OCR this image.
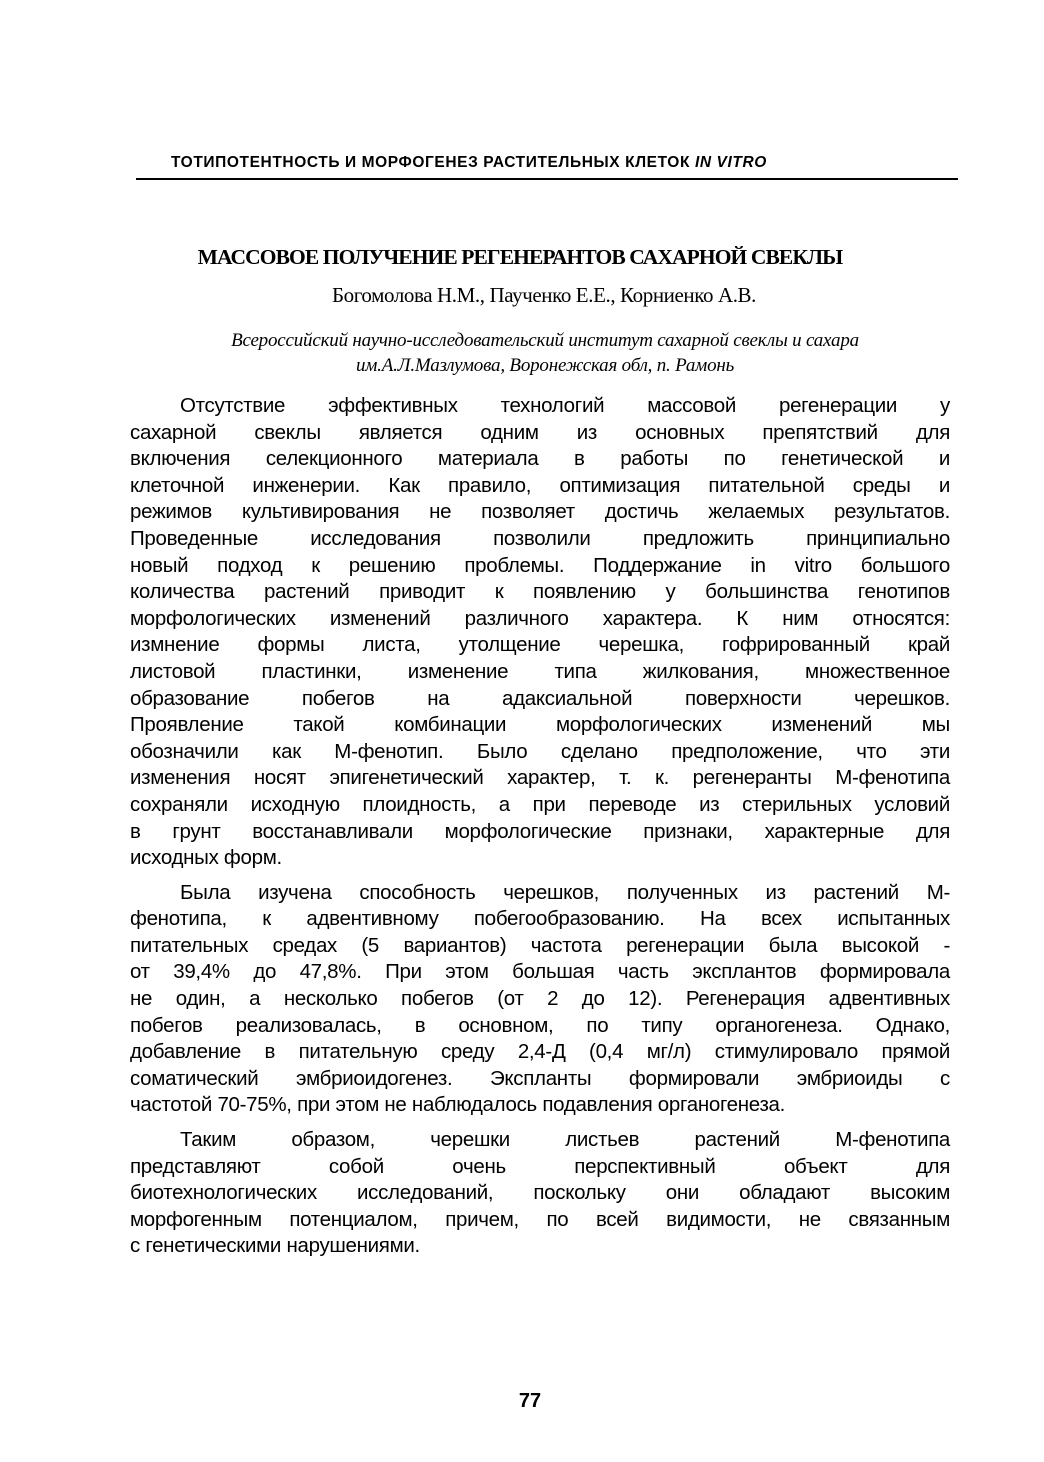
ТОТИПОТЕНТНОСТЬ И МОРФОГЕНЕЗ РАСТИТЕЛЬНЫХ КЛЕТОК IN VITRO
МАССОВОЕ ПОЛУЧЕНИЕ РЕГЕНЕРАНТОВ САХАРНОЙ СВЕКЛЫ
Богомолова Н.М., Паученко Е.Е., Корниенко А.В.
Всероссийский научно-исследовательский институт сахарной свеклы и сахара
им.А.Л.Мазлумова, Воронежская обл, п. Рамонь
Отсутствие эффективных технологий массовой регенерации у
сахарной свеклы является одним из основных препятствий для
включения селекционного материала в работы по генетической и
клеточной инженерии. Как правило, оптимизация питательной среды и
режимов культивирования не позволяет достичь желаемых результатов.
Проведенные исследования позволили предложить принципиально
новый подход к решению проблемы. Поддержание in vitro большого
количества растений приводит к появлению у большинства генотипов
морфологических изменений различного характера. К ним относятся:
измнение формы листа, утолщение черешка, гофрированный край
листовой пластинки, изменение типа жилкования, множественное
образование побегов на адаксиальной поверхности черешков.
Проявление такой комбинации морфологических изменений мы
обозначили как М-фенотип. Было сделано предположение, что эти
изменения носят эпигенетический характер, т. к. регенеранты М-фенотипа
сохраняли исходную плоидность, а при переводе из стерильных условий
в грунт восстанавливали морфологические признаки, характерные для
исходных форм.
Была изучена способность черешков, полученных из растений М-
фенотипа, к адвентивному побегообразованию. На всех испытанных
питательных средах (5 вариантов) частота регенерации была высокой -
от 39,4% до 47,8%. При этом большая часть эксплантов формировала
не один, а несколько побегов (от 2 до 12). Регенерация адвентивных
побегов реализовалась, в основном, по типу органогенеза. Однако,
добавление в питательную среду 2,4-Д (0,4 мг/л) стимулировало прямой
соматический эмбриоидогенез. Экспланты формировали эмбриоиды с
частотой 70-75%, при этом не наблюдалось подавления органогенеза.
Таким образом, черешки листьев растений М-фенотипа
представляют собой очень перспективный объект для
биотехнологических исследований, поскольку они обладают высоким
морфогенным потенциалом, причем, по всей видимости, не связанным
с генетическими нарушениями.
77
